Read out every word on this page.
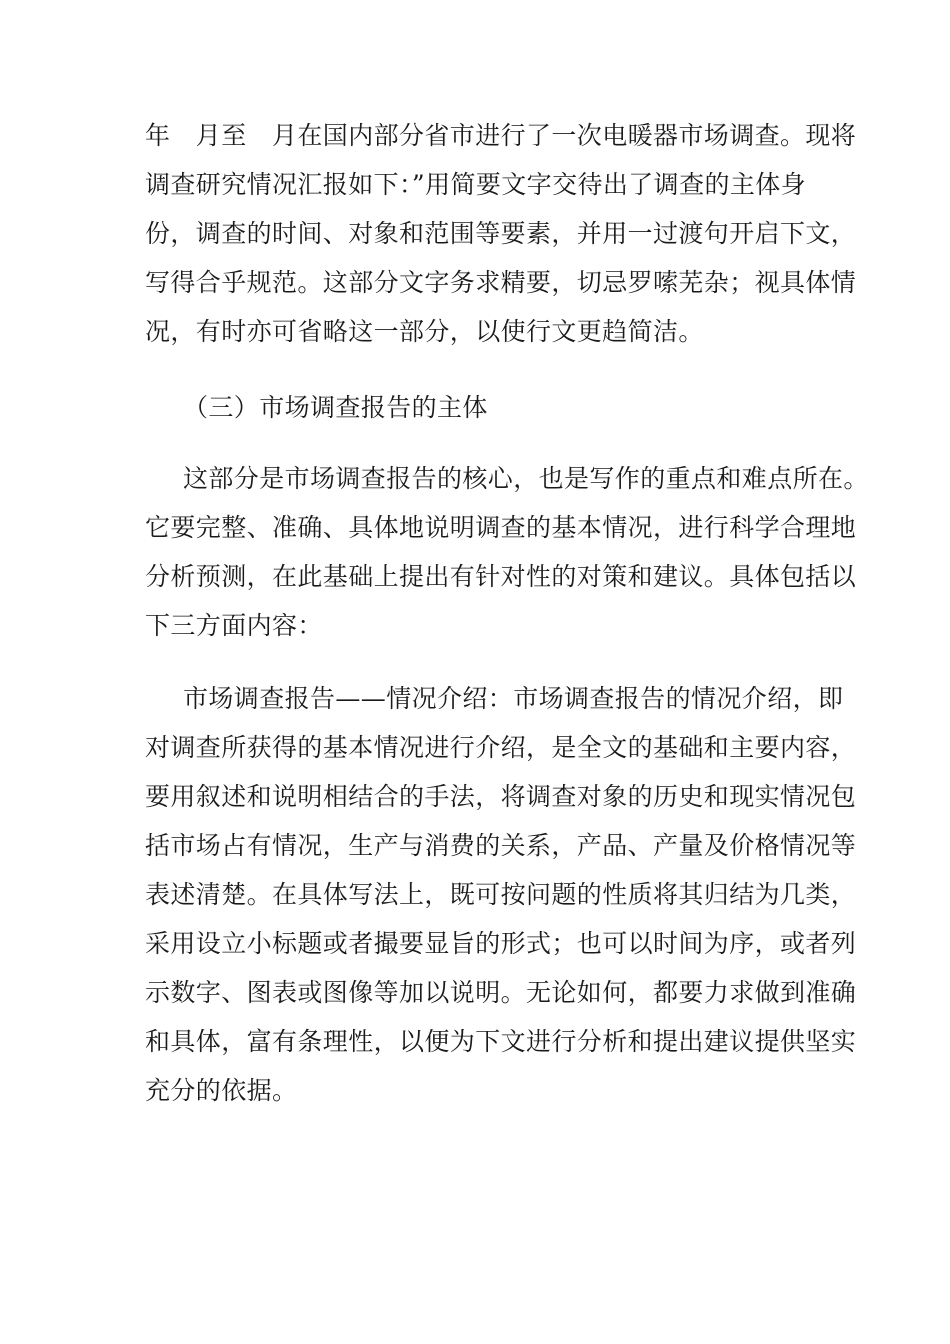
年　月至　月在国内部分省市进行了一次电暖器市场调查。现将
调查研究情况汇报如下：”用简要文字交待出了调查的主体身
份，调查的时间、对象和范围等要素，并用一过渡句开启下文，
写得合乎规范。这部分文字务求精要，切忌罗嗦芜杂；视具体情
况，有时亦可省略这一部分，以使行文更趋简洁。
（三）市场调查报告的主体
这部分是市场调查报告的核心，也是写作的重点和难点所在。
它要完整、准确、具体地说明调查的基本情况，进行科学合理地
分析预测，在此基础上提出有针对性的对策和建议。具体包括以
下三方面内容：
市场调查报告——情况介绍：市场调查报告的情况介绍，即
对调查所获得的基本情况进行介绍，是全文的基础和主要内容，
要用叙述和说明相结合的手法，将调查对象的历史和现实情况包
括市场占有情况，生产与消费的关系，产品、产量及价格情况等
表述清楚。在具体写法上，既可按问题的性质将其归结为几类，
采用设立小标题或者撮要显旨的形式；也可以时间为序，或者列
示数字、图表或图像等加以说明。无论如何，都要力求做到准确
和具体，富有条理性，以便为下文进行分析和提出建议提供坚实
充分的依据。
